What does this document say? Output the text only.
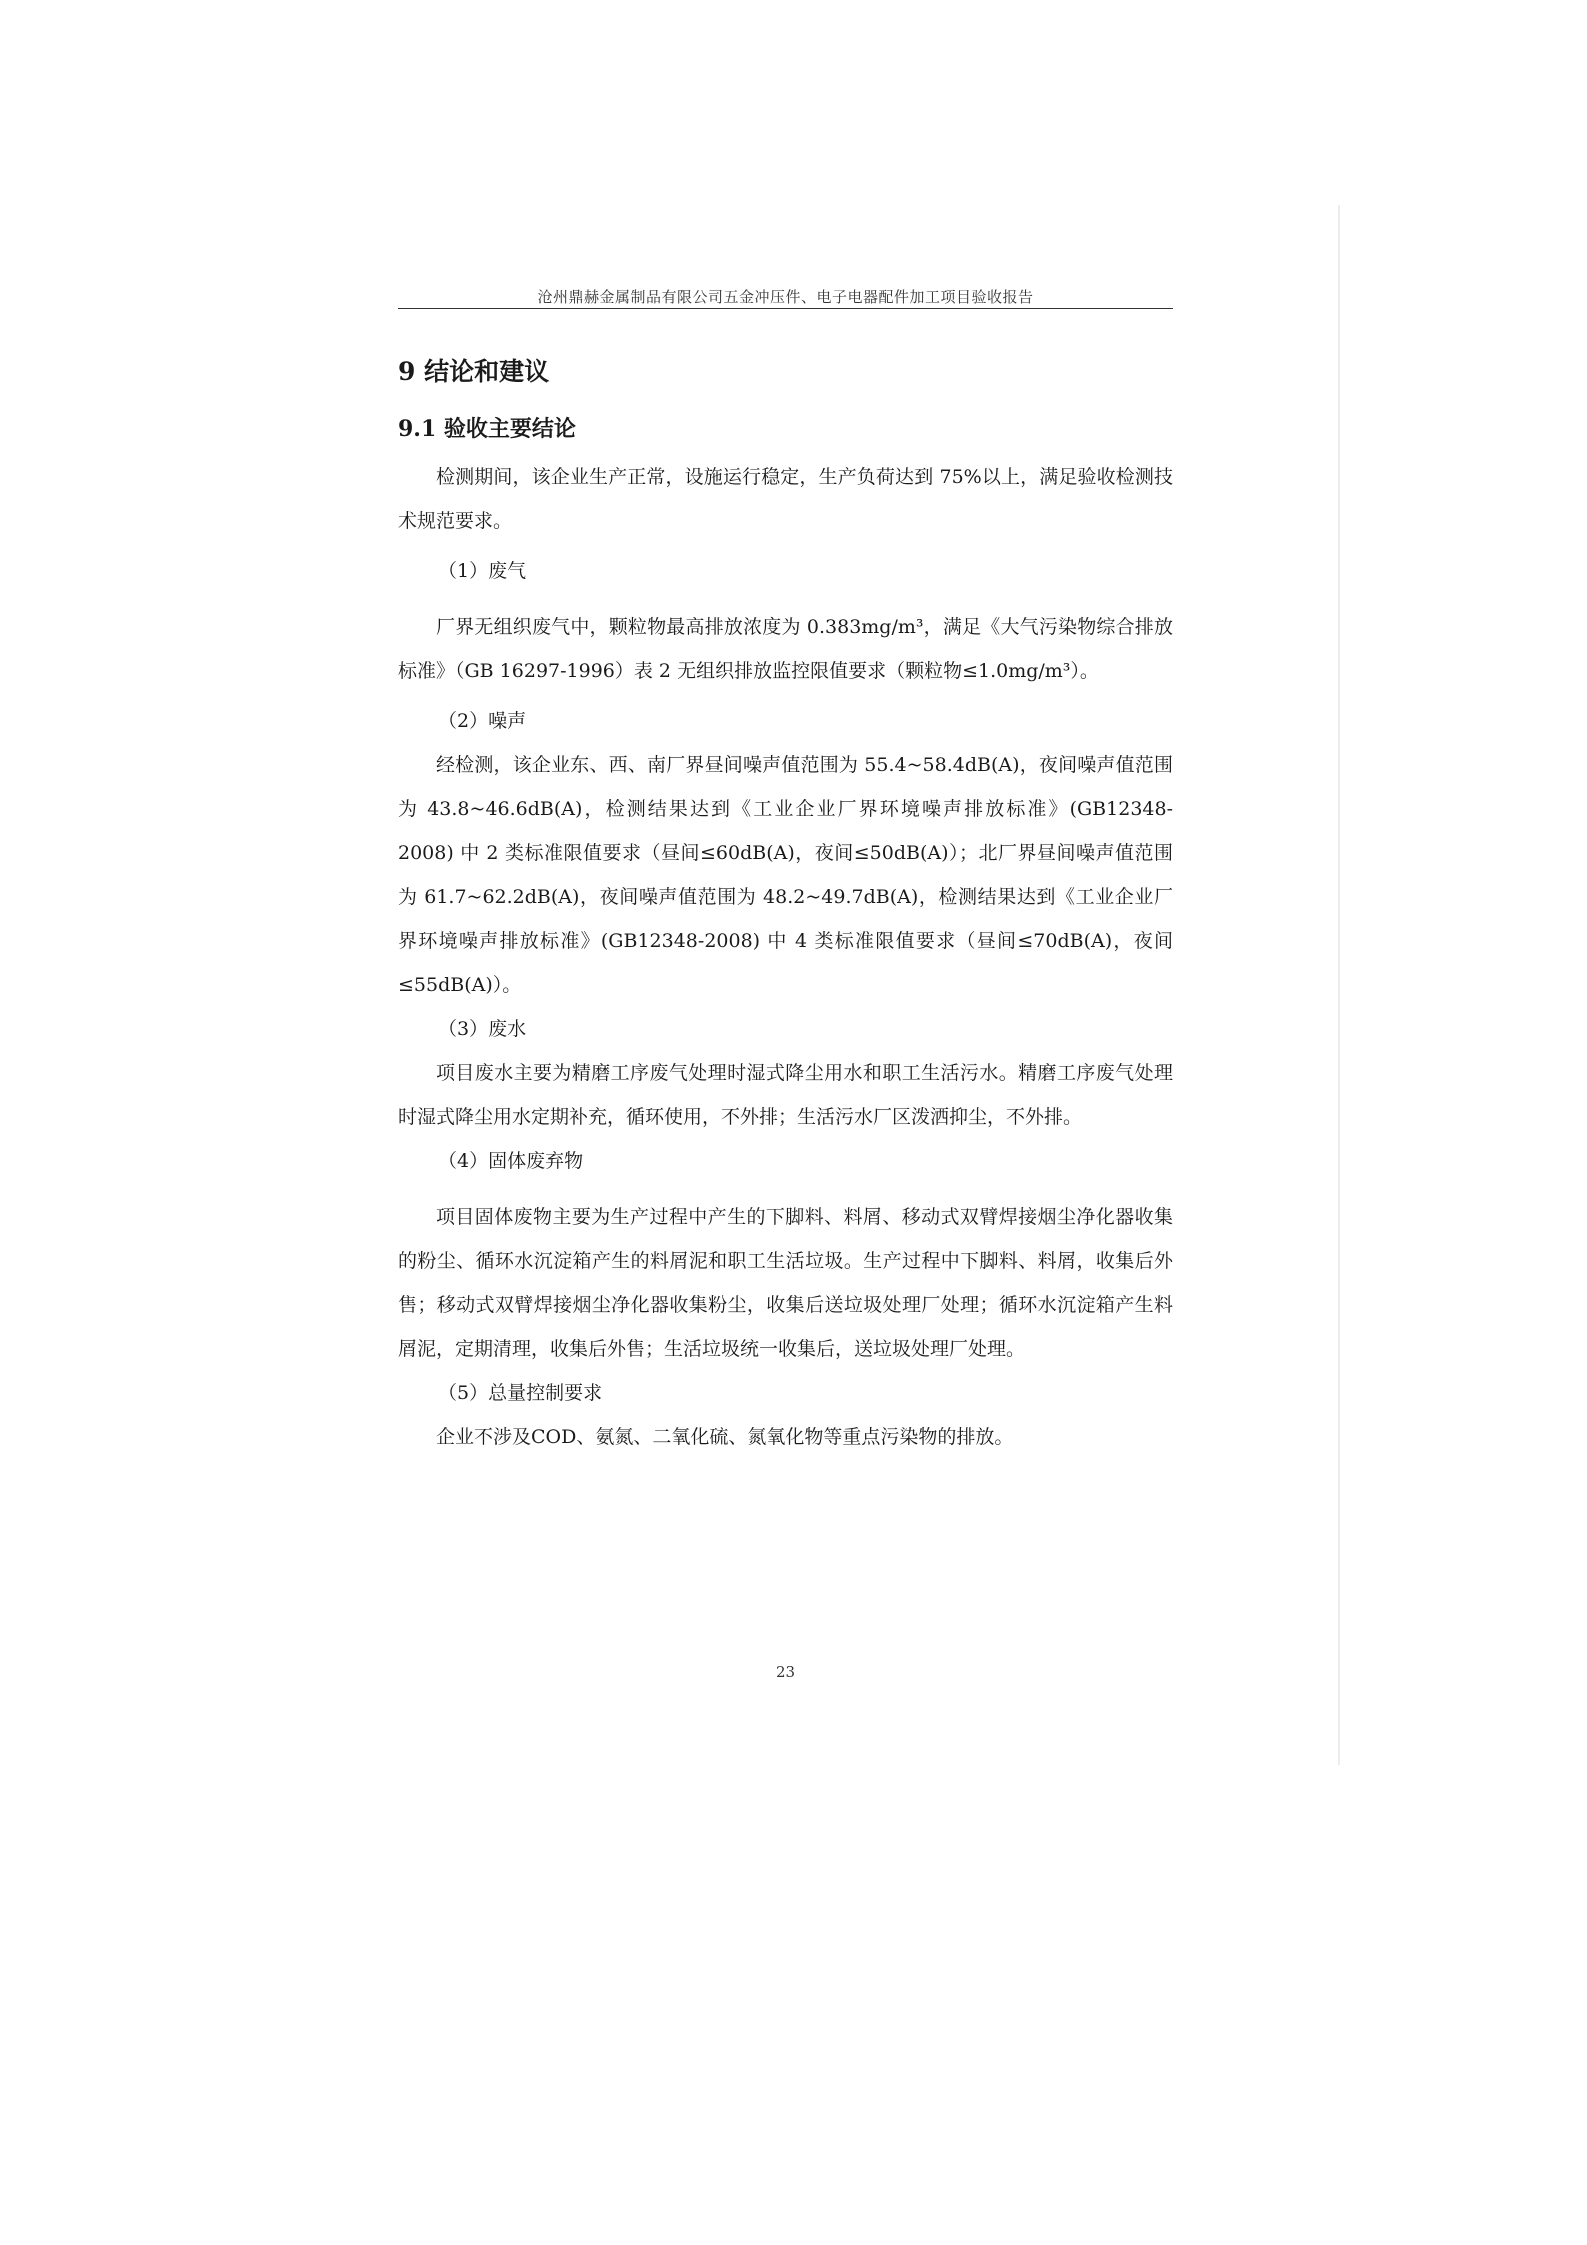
沧州鼎赫金属制品有限公司五金冲压件、电子电器配件加工项目验收报告
9 结论和建议
9.1 验收主要结论

检测期间，该企业生产正常，设施运行稳定，生产负荷达到 75%以上，满足验收检测技术规范要求。

（1）废气

厂界无组织废气中，颗粒物最高排放浓度为 0.383mg/m³，满足《大气污染物综合排放标准》（GB 16297-1996）表 2 无组织排放监控限值要求（颗粒物≤1.0mg/m³）。

（2）噪声

经检测，该企业东、西、南厂界昼间噪声值范围为 55.4~58.4dB(A)，夜间噪声值范围为 43.8~46.6dB(A)，检测结果达到《工业企业厂界环境噪声排放标准》(GB12348-2008) 中 2 类标准限值要求（昼间≤60dB(A)，夜间≤50dB(A)）；北厂界昼间噪声值范围为 61.7~62.2dB(A)，夜间噪声值范围为 48.2~49.7dB(A)，检测结果达到《工业企业厂界环境噪声排放标准》(GB12348-2008) 中 4 类标准限值要求（昼间≤70dB(A)，夜间≤55dB(A)）。

（3）废水

项目废水主要为精磨工序废气处理时湿式降尘用水和职工生活污水。精磨工序废气处理时湿式降尘用水定期补充，循环使用，不外排；生活污水厂区泼洒抑尘，不外排。

（4）固体废弃物

项目固体废物主要为生产过程中产生的下脚料、料屑、移动式双臂焊接烟尘净化器收集的粉尘、循环水沉淀箱产生的料屑泥和职工生活垃圾。生产过程中下脚料、料屑，收集后外售；移动式双臂焊接烟尘净化器收集粉尘，收集后送垃圾处理厂处理；循环水沉淀箱产生料屑泥，定期清理，收集后外售；生活垃圾统一收集后，送垃圾处理厂处理。

（5）总量控制要求

企业不涉及COD、氨氮、二氧化硫、氮氧化物等重点污染物的排放。

23
